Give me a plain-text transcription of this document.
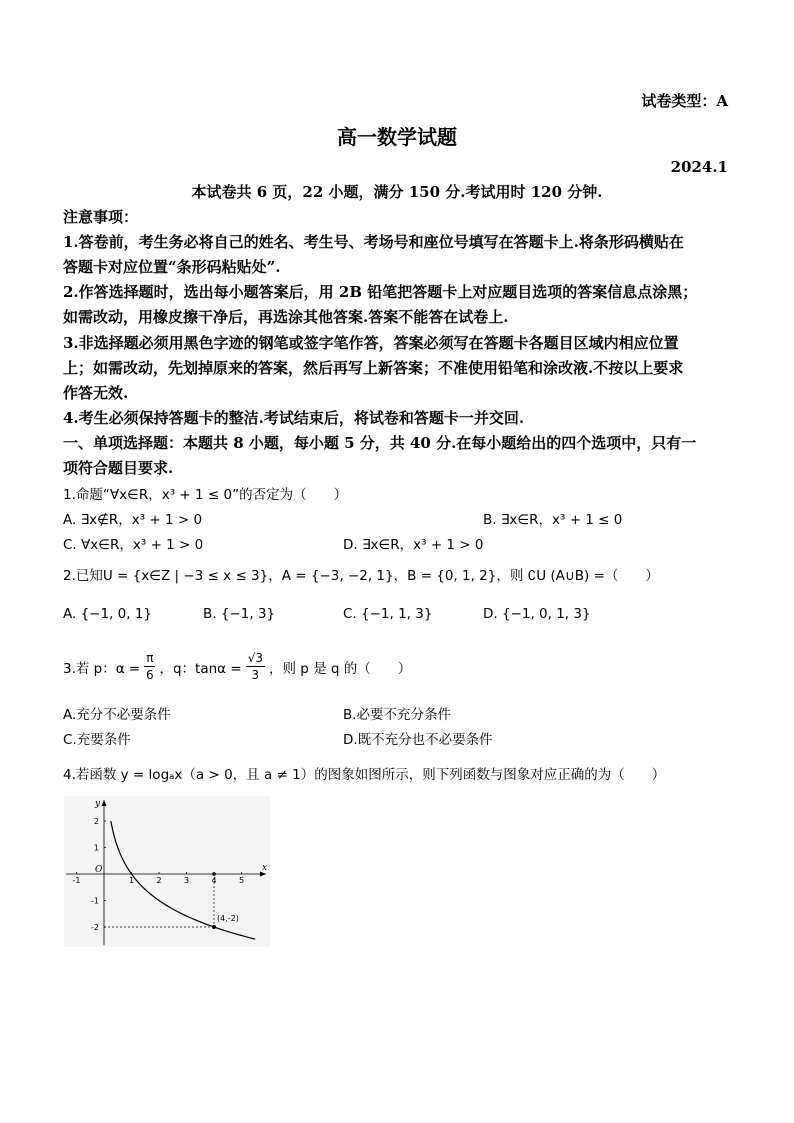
试卷类型：A
高一数学试题
2024.1
本试卷共 6 页，22 小题，满分 150 分.考试用时 120 分钟.
注意事项：
1.答卷前，考生务必将自己的姓名、考生号、考场号和座位号填写在答题卡上.将条形码横贴在
答题卡对应位置“条形码粘贴处”.
2.作答选择题时，选出每小题答案后，用 2B 铅笔把答题卡上对应题目选项的答案信息点涂黑；
如需改动，用橡皮擦干净后，再选涂其他答案.答案不能答在试卷上.
3.非选择题必须用黑色字迹的钢笔或签字笔作答，答案必须写在答题卡各题目区域内相应位置
上；如需改动，先划掉原来的答案，然后再写上新答案；不准使用铅笔和涂改液.不按以上要求
作答无效.
4.考生必须保持答题卡的整洁.考试结束后，将试卷和答题卡一并交回.
一、单项选择题：本题共 8 小题，每小题 5 分，共 40 分.在每小题给出的四个选项中，只有一
项符合题目要求.
1.命题“∀x∈R，x³ + 1 ≤ 0”的否定为（　　）
A. ∃x∉R，x³ + 1 > 0	B. ∃x∈R，x³ + 1 ≤ 0
C. ∀x∈R，x³ + 1 > 0	D. ∃x∈R，x³ + 1 > 0
2.已知U = {x∈Z | −3 ≤ x ≤ 3}，A = {−3, −2, 1}，B = {0, 1, 2}，则 ∁U (A∪B) =（　　）
A. {−1, 0, 1}	B. {−1, 3}	C. {−1, 1, 3}	D. {−1, 0, 1, 3}
3.若 p：$\alpha = \frac{\pi}{6}$ ，q：$\tan\alpha = \frac{√3}{3}$ ，则 p 是 q 的（　　）
A.充分不必要条件	B.必要不充分条件
C.充要条件	D.既不充分也不必要条件
4.若函数 y = logₐx（a > 0，且 a ≠ 1）的图象如图所示，则下列函数与图象对应正确的为（　　）
-1	1	2	3	4	5
2
1
-1
-2
(4,-2)
x
y
O
